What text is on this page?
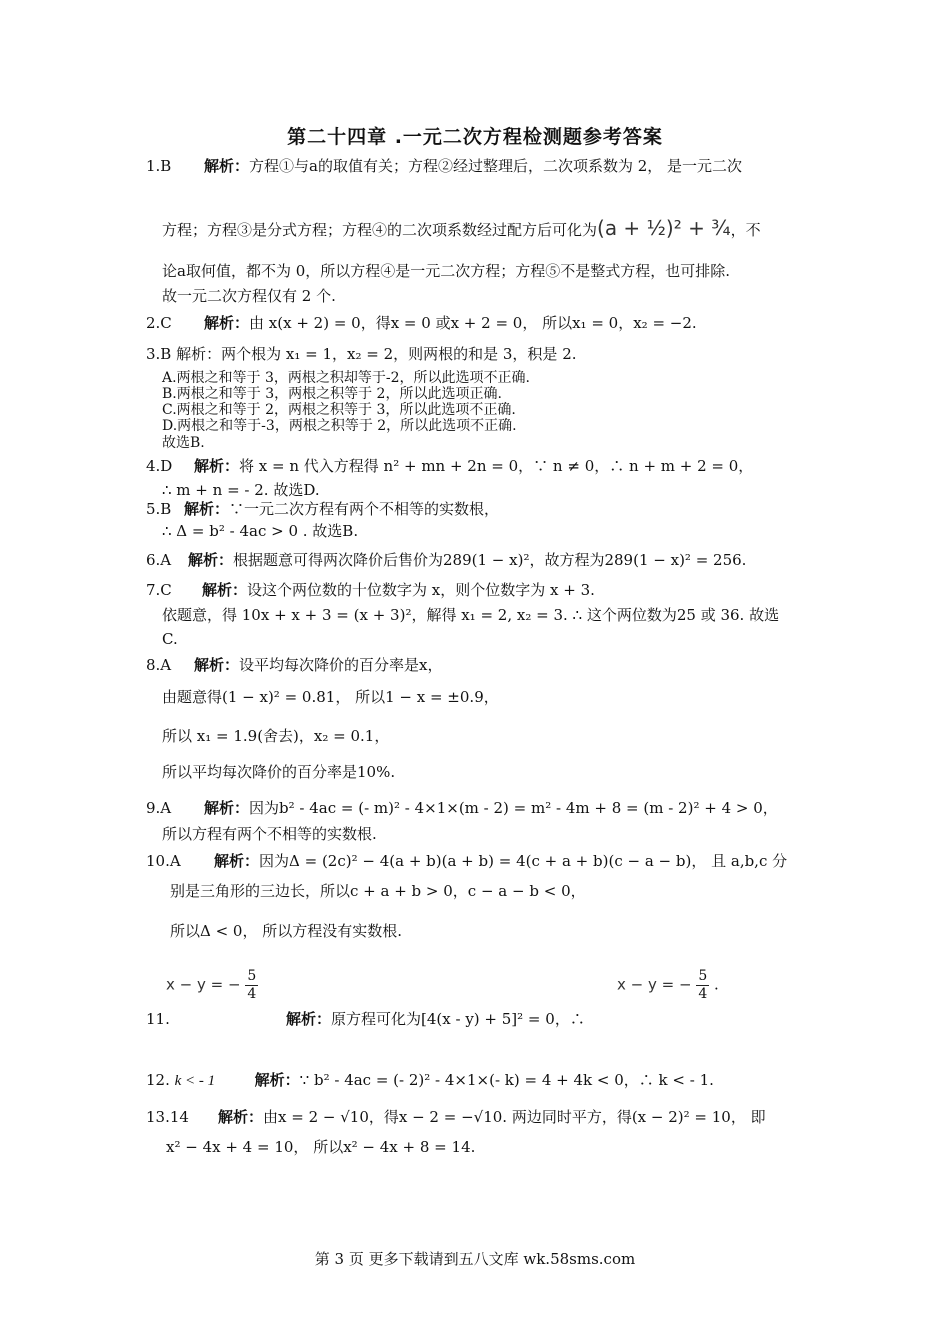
第二十四章 .一元二次方程检测题参考答案
1.B 解析：方程①与a的取值有关；方程②经过整理后，二次项系数为 2， 是一元二次
方程；方程③是分式方程；方程④的二次项系数经过配方后可化为(a + ½)² + ¾，不
论a取何值，都不为 0，所以方程④是一元二次方程；方程⑤不是整式方程，也可排除.
故一元二次方程仅有 2 个.
2.C 解析：由 x(x + 2) = 0，得x = 0 或x + 2 = 0， 所以x₁ = 0，x₂ = −2.
3.B 解析：两个根为 x₁ = 1，x₂ = 2，则两根的和是 3，积是 2.
A.两根之和等于 3，两根之积却等于-2，所以此选项不正确.
B.两根之和等于 3，两根之积等于 2，所以此选项正确.
C.两根之和等于 2，两根之积等于 3，所以此选项不正确.
D.两根之和等于-3，两根之积等于 2，所以此选项不正确.
故选B.
4.D 解析：将 x = n 代入方程得 n² + mn + 2n = 0，∵ n ≠ 0，∴ n + m + 2 = 0，
∴ m + n = - 2. 故选D.
5.B 解析：∵一元二次方程有两个不相等的实数根，
∴ Δ = b² - 4ac > 0 . 故选B.
6.A 解析：根据题意可得两次降价后售价为289(1 − x)²，故方程为289(1 − x)² = 256.
7.C 解析：设这个两位数的十位数字为 x，则个位数字为 x + 3.
依题意，得 10x + x + 3 = (x + 3)²，解得 x₁ = 2, x₂ = 3. ∴ 这个两位数为25 或 36. 故选
C.
8.A 解析：设平均每次降价的百分率是x，
由题意得(1 − x)² = 0.81， 所以1 − x = ±0.9，
所以 x₁ = 1.9(舍去)，x₂ = 0.1，
所以平均每次降价的百分率是10%.
9.A 解析：因为b² - 4ac = (- m)² - 4×1×(m - 2) = m² - 4m + 8 = (m - 2)² + 4 > 0，
所以方程有两个不相等的实数根.
10.A 解析：因为Δ = (2c)² − 4(a + b)(a + b) = 4(c + a + b)(c − a − b)， 且 a,b,c 分
别是三角形的三边长，所以c + a + b > 0，c − a − b < 0，
所以Δ < 0， 所以方程没有实数根.
x − y = − $\frac{5}{4}$
11.	解析：原方程可化为[4(x - y) + 5]² = 0，∴
x − y = − $\frac{5}{4}$ .
12. k < - 1	解析：∵ b² - 4ac = (- 2)² - 4×1×(- k) = 4 + 4k < 0，∴ k < - 1.
13.14 解析：由x = 2 − √10，得x − 2 = −√10. 两边同时平方，得(x − 2)² = 10， 即
x² − 4x + 4 = 10， 所以x² − 4x + 8 = 14.
第 3 页 更多下载请到五八文库 wk.58sms.com
